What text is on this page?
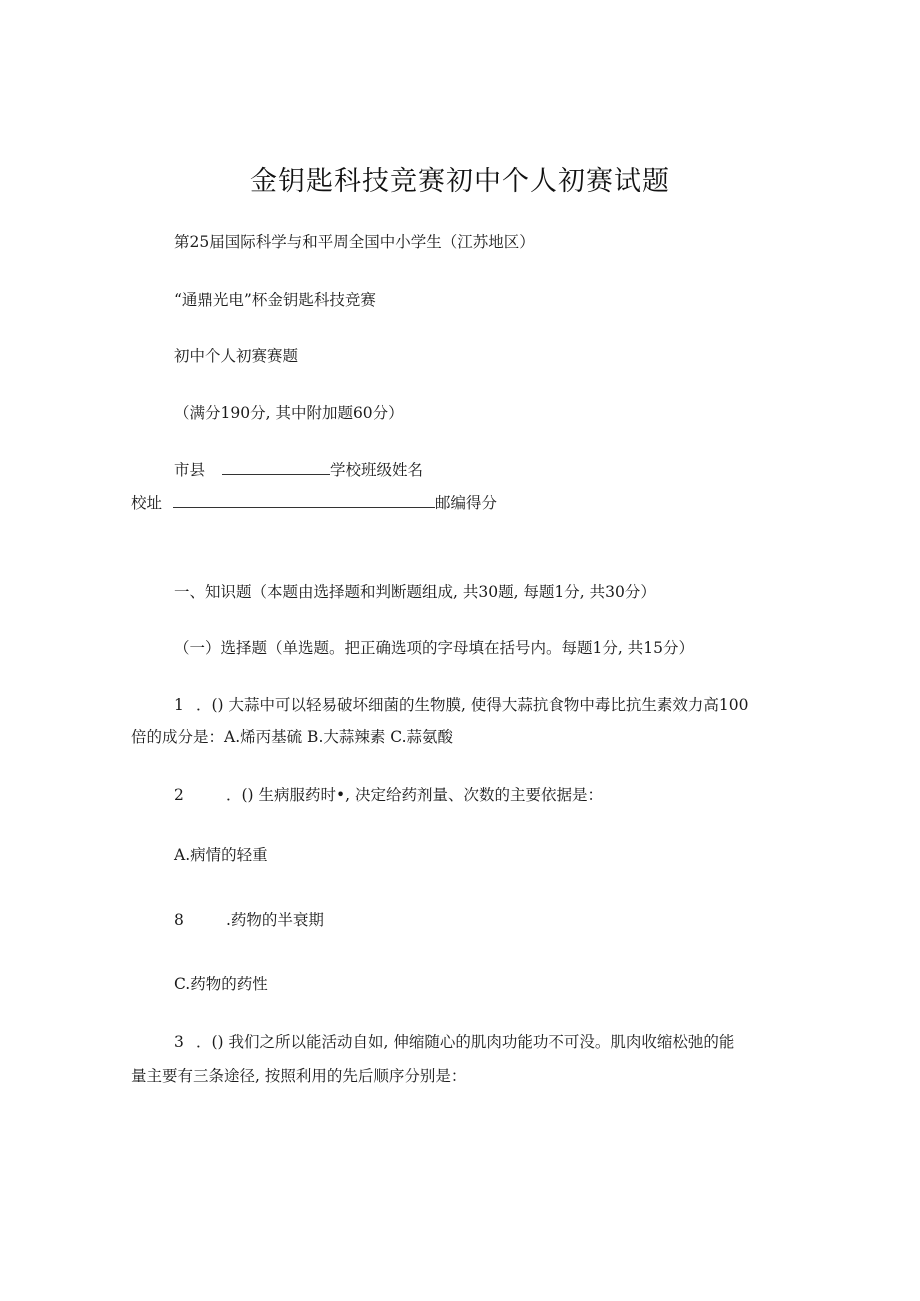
金钥匙科技竞赛初中个人初赛试题
第25届国际科学与和平周全国中小学生（江苏地区）
“通鼎光电”杯金钥匙科技竞赛
初中个人初赛赛题
（满分190分, 其中附加题60分）
市县	学校班级姓名
校址	邮编得分
一、知识题（本题由选择题和判断题组成, 共30题, 每题1分, 共30分）
（一）选择题（单选题。把正确选项的字母填在括号内。每题1分, 共15分）
1 ．() 大蒜中可以轻易破坏细菌的生物膜, 使得大蒜抗食物中毒比抗生素效力高100
倍的成分是：A.烯丙基硫 B.大蒜辣素 C.蒜氨酸
2	．() 生病服药时•, 决定给药剂量、次数的主要依据是：
A.病情的轻重
8	.药物的半衰期
C.药物的药性
3 ．() 我们之所以能活动自如, 伸缩随心的肌肉功能功不可没。肌肉收缩松弛的能
量主要有三条途径, 按照利用的先后顺序分别是：
